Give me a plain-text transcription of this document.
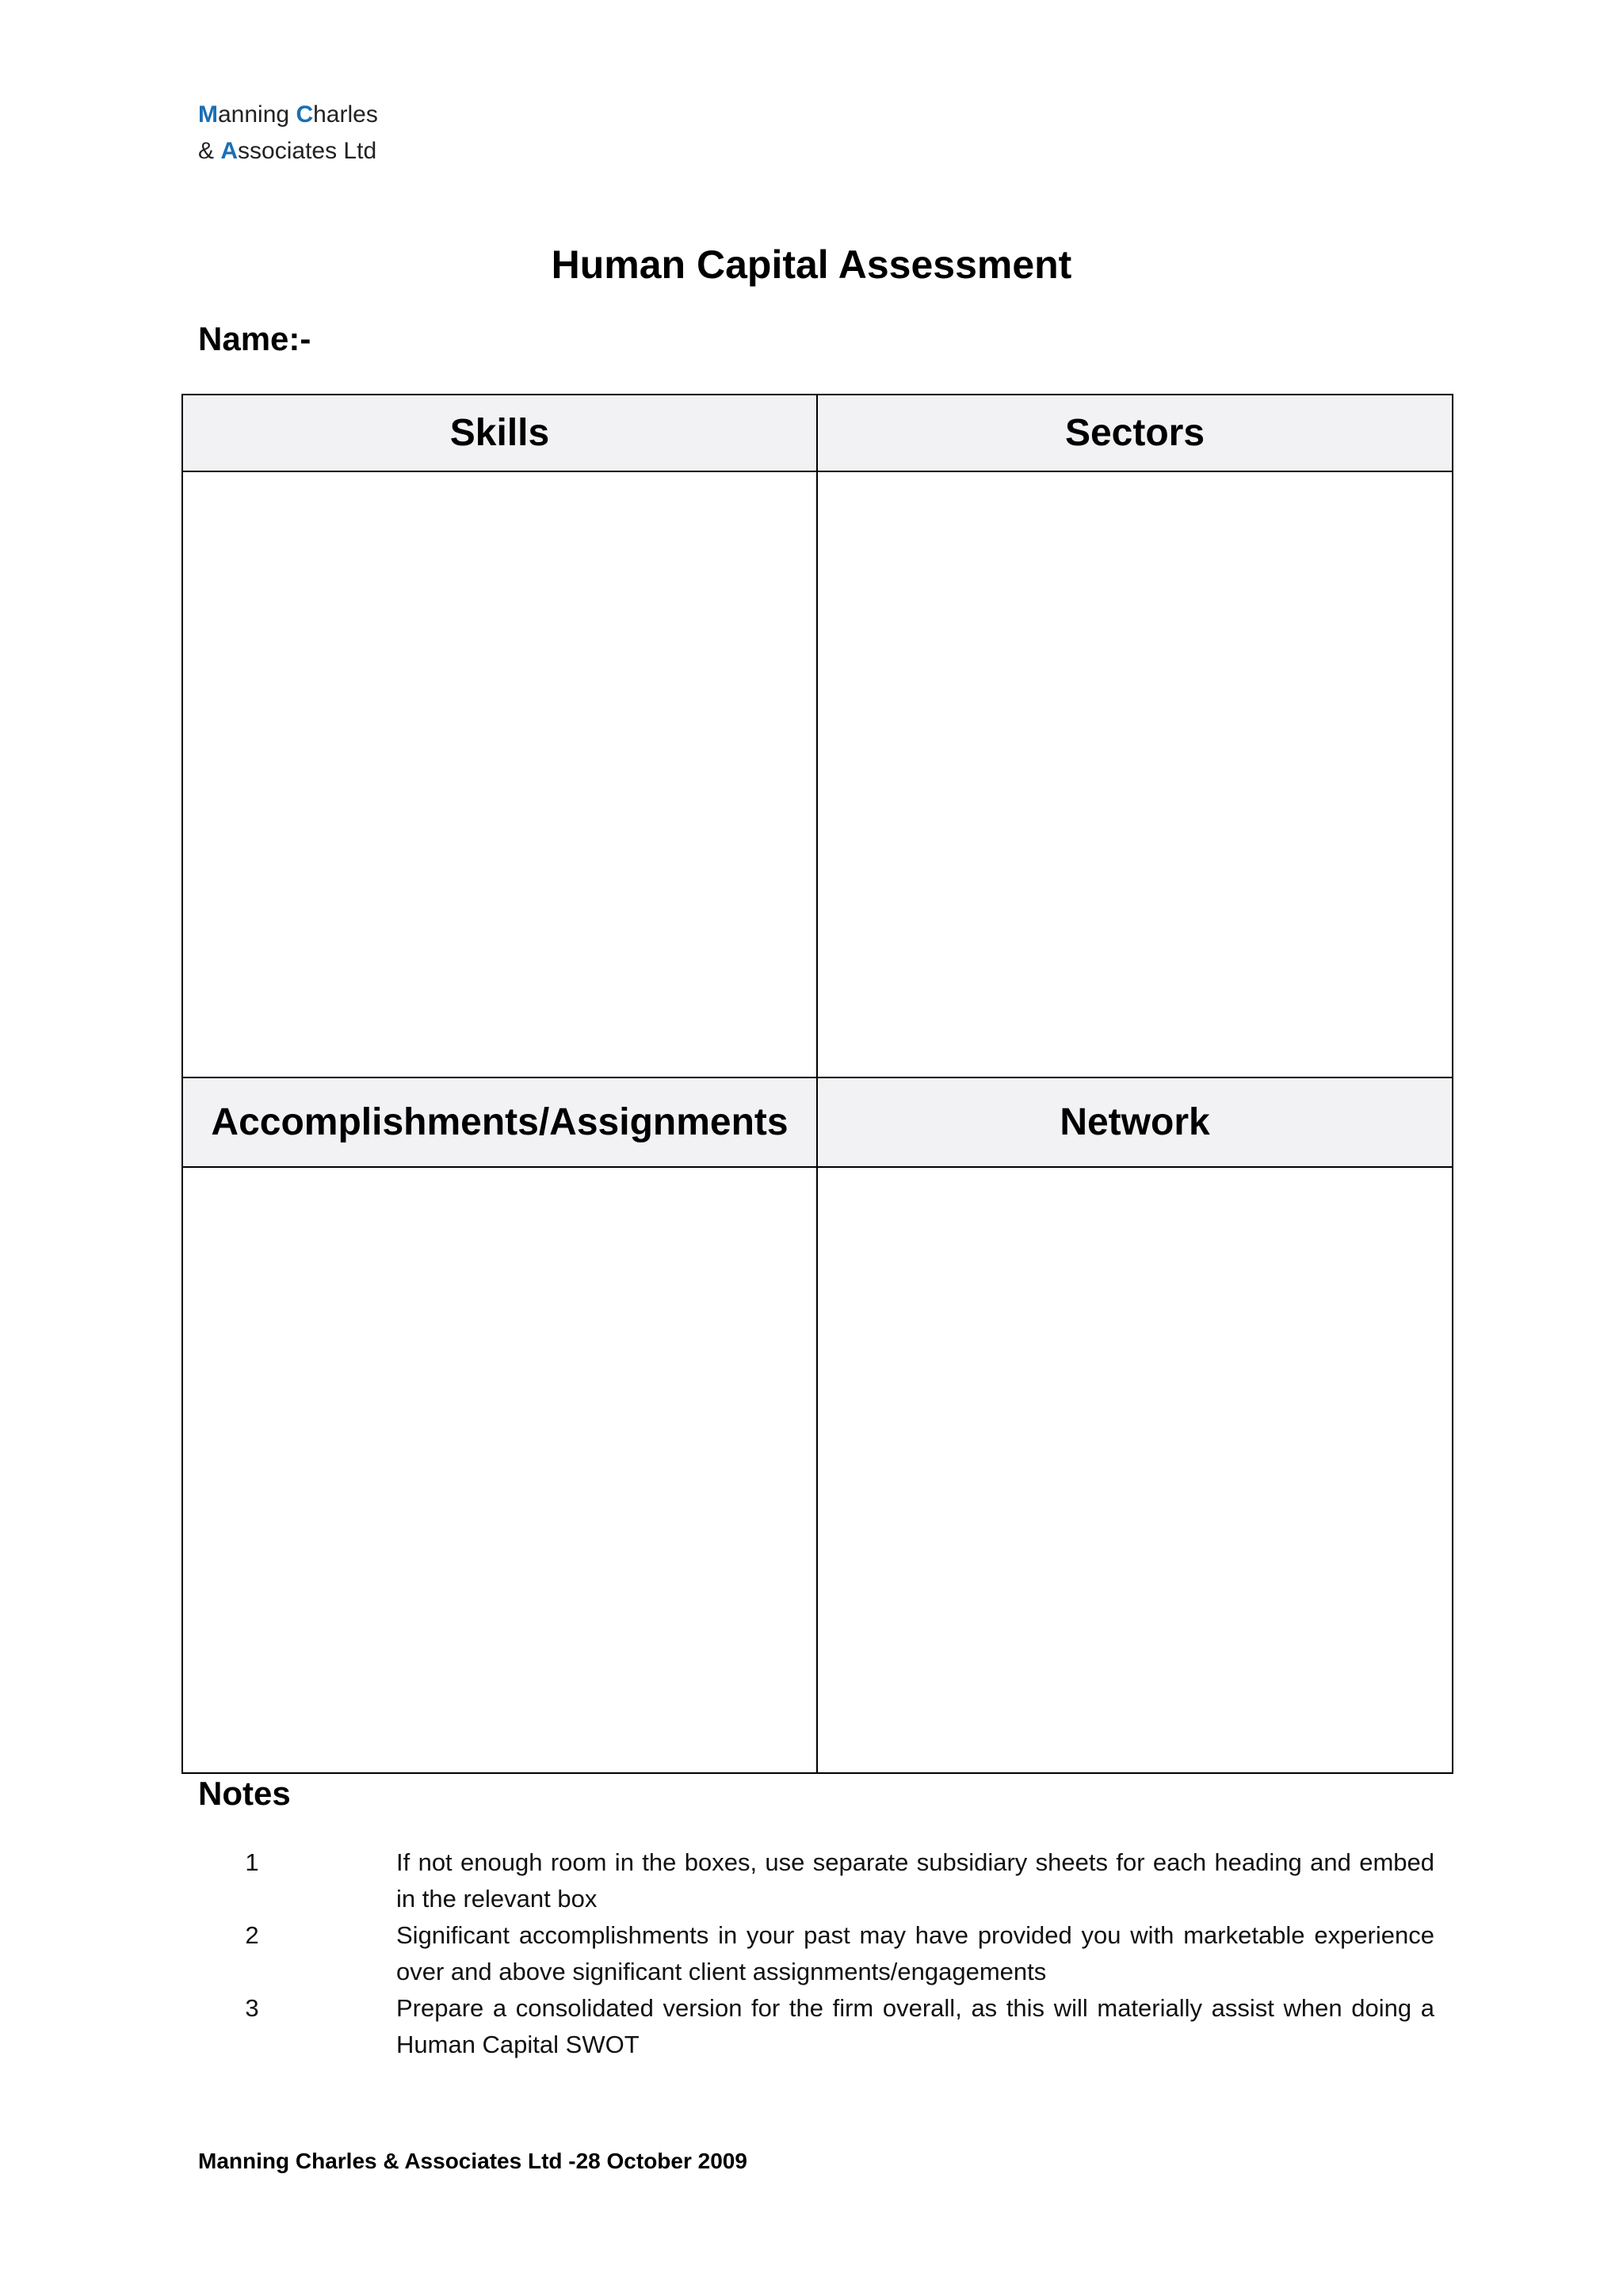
Manning Charles
& Associates Ltd
Human Capital Assessment
Name:-
Skills	Sectors

Accomplishments/Assignments	Network

Notes
1	If not enough room in the boxes, use separate subsidiary sheets for each heading and embed in the relevant box
2	Significant accomplishments in your past may have provided you with marketable experience over and above significant client assignments/engagements
3	Prepare a consolidated version for the firm overall, as this will materially assist when doing a Human Capital SWOT
Manning Charles & Associates Ltd -28 October 2009
